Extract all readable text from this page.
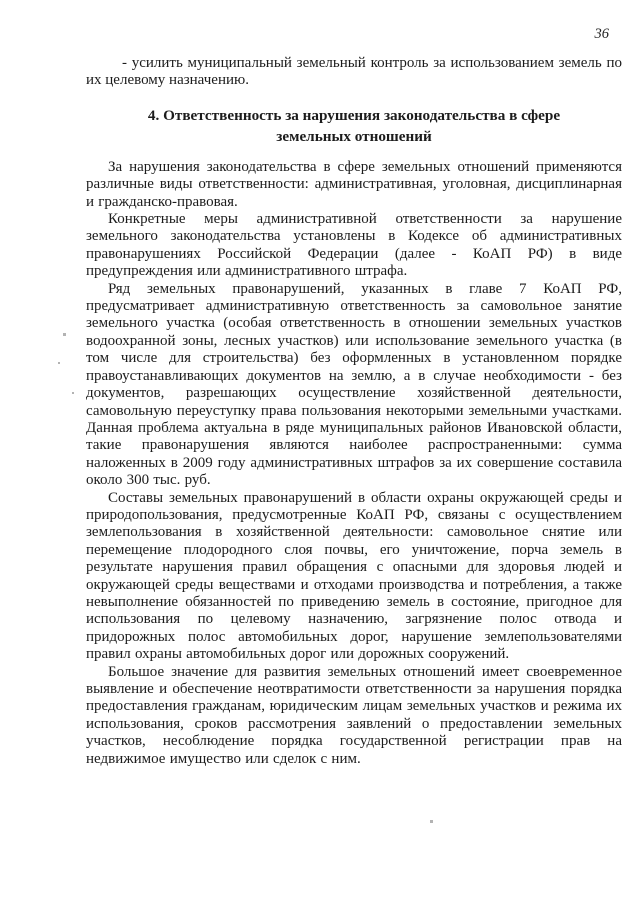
36

- усилить муниципальный земельный контроль за использованием земель по их целевому назначению.

4. Ответственность за нарушения законодательства в сфере
земельных отношений

За нарушения законодательства в сфере земельных отношений применяются различные виды ответственности: административная, уголовная, дисциплинарная и гражданско-правовая.

Конкретные меры административной ответственности за нарушение земельного законодательства установлены в Кодексе об административных правонарушениях Российской Федерации (далее - КоАП РФ) в виде предупреждения или административного штрафа.

Ряд земельных правонарушений, указанных в главе 7 КоАП РФ, предусматривает административную ответственность за самовольное занятие земельного участка (особая ответственность в отношении земельных участков водоохранной зоны, лесных участков) или использование земельного участка (в том числе для строительства) без оформленных в установленном порядке правоустанавливающих документов на землю, а в случае необходимости - без документов, разрешающих осуществление хозяйственной деятельности, самовольную переуступку права пользования некоторыми земельными участками. Данная проблема актуальна в ряде муниципальных районов Ивановской области, такие правонарушения являются наиболее распространенными: сумма наложенных в 2009 году административных штрафов за их совершение составила около 300 тыс. руб.

Составы земельных правонарушений в области охраны окружающей среды и природопользования, предусмотренные КоАП РФ, связаны с осуществлением землепользования в хозяйственной деятельности: самовольное снятие или перемещение плодородного слоя почвы, его уничтожение, порча земель в результате нарушения правил обращения с опасными для здоровья людей и окружающей среды веществами и отходами производства и потребления, а также невыполнение обязанностей по приведению земель в состояние, пригодное для использования по целевому назначению, загрязнение полос отвода и придорожных полос автомобильных дорог, нарушение землепользователями правил охраны автомобильных дорог или дорожных сооружений.

Большое значение для развития земельных отношений имеет своевременное выявление и обеспечение неотвратимости ответственности за нарушения порядка предоставления гражданам, юридическим лицам земельных участков и режима их использования, сроков рассмотрения заявлений о предоставлении земельных участков, несоблюдение порядка государственной регистрации прав на недвижимое имущество или сделок с ним.
